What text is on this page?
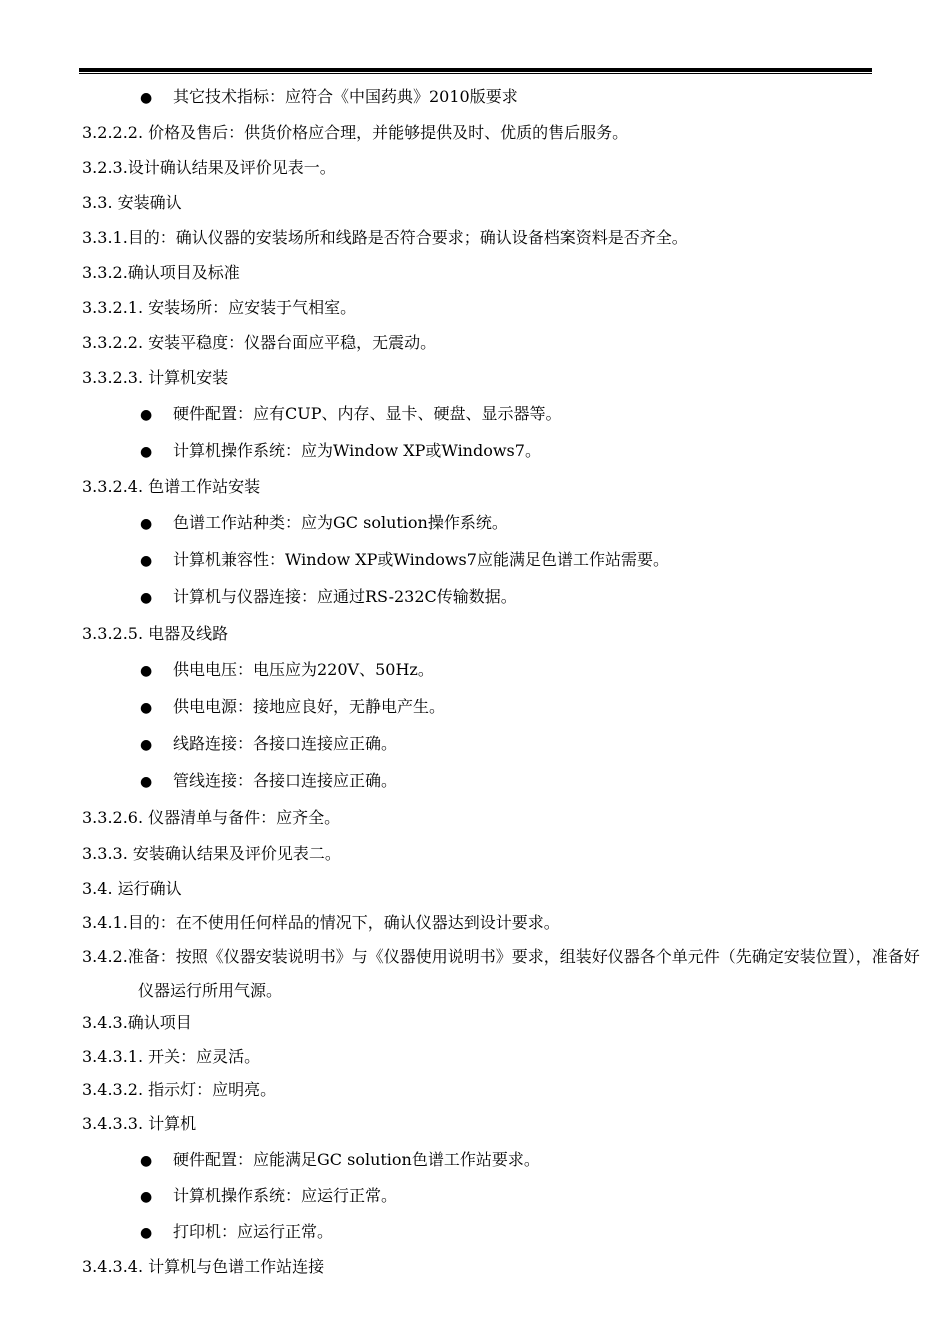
● 其它技术指标：应符合《中国药典》2010版要求
3.2.2.2. 价格及售后：供货价格应合理，并能够提供及时、优质的售后服务。
3.2.3.设计确认结果及评价见表一。
3.3. 安装确认
3.3.1.目的：确认仪器的安装场所和线路是否符合要求；确认设备档案资料是否齐全。
3.3.2.确认项目及标准
3.3.2.1. 安装场所：应安装于气相室。
3.3.2.2. 安装平稳度：仪器台面应平稳，无震动。
3.3.2.3. 计算机安装
● 硬件配置：应有CUP、内存、显卡、硬盘、显示器等。
● 计算机操作系统：应为Window XP或Windows7。
3.3.2.4. 色谱工作站安装
● 色谱工作站种类：应为GC solution操作系统。
● 计算机兼容性：Window XP或Windows7应能满足色谱工作站需要。
● 计算机与仪器连接：应通过RS-232C传输数据。
3.3.2.5. 电器及线路
● 供电电压：电压应为220V、50Hz。
● 供电电源：接地应良好，无静电产生。
● 线路连接：各接口连接应正确。
● 管线连接：各接口连接应正确。
3.3.2.6. 仪器清单与备件：应齐全。
3.3.3. 安装确认结果及评价见表二。
3.4. 运行确认
3.4.1.目的：在不使用任何样品的情况下，确认仪器达到设计要求。
3.4.2.准备：按照《仪器安装说明书》与《仪器使用说明书》要求，组装好仪器各个单元件（先确定安装位置），准备好仪器运行所用气源。
3.4.3.确认项目
3.4.3.1. 开关：应灵活。
3.4.3.2. 指示灯：应明亮。
3.4.3.3. 计算机
● 硬件配置：应能满足GC solution色谱工作站要求。
● 计算机操作系统：应运行正常。
● 打印机：应运行正常。
3.4.3.4. 计算机与色谱工作站连接
